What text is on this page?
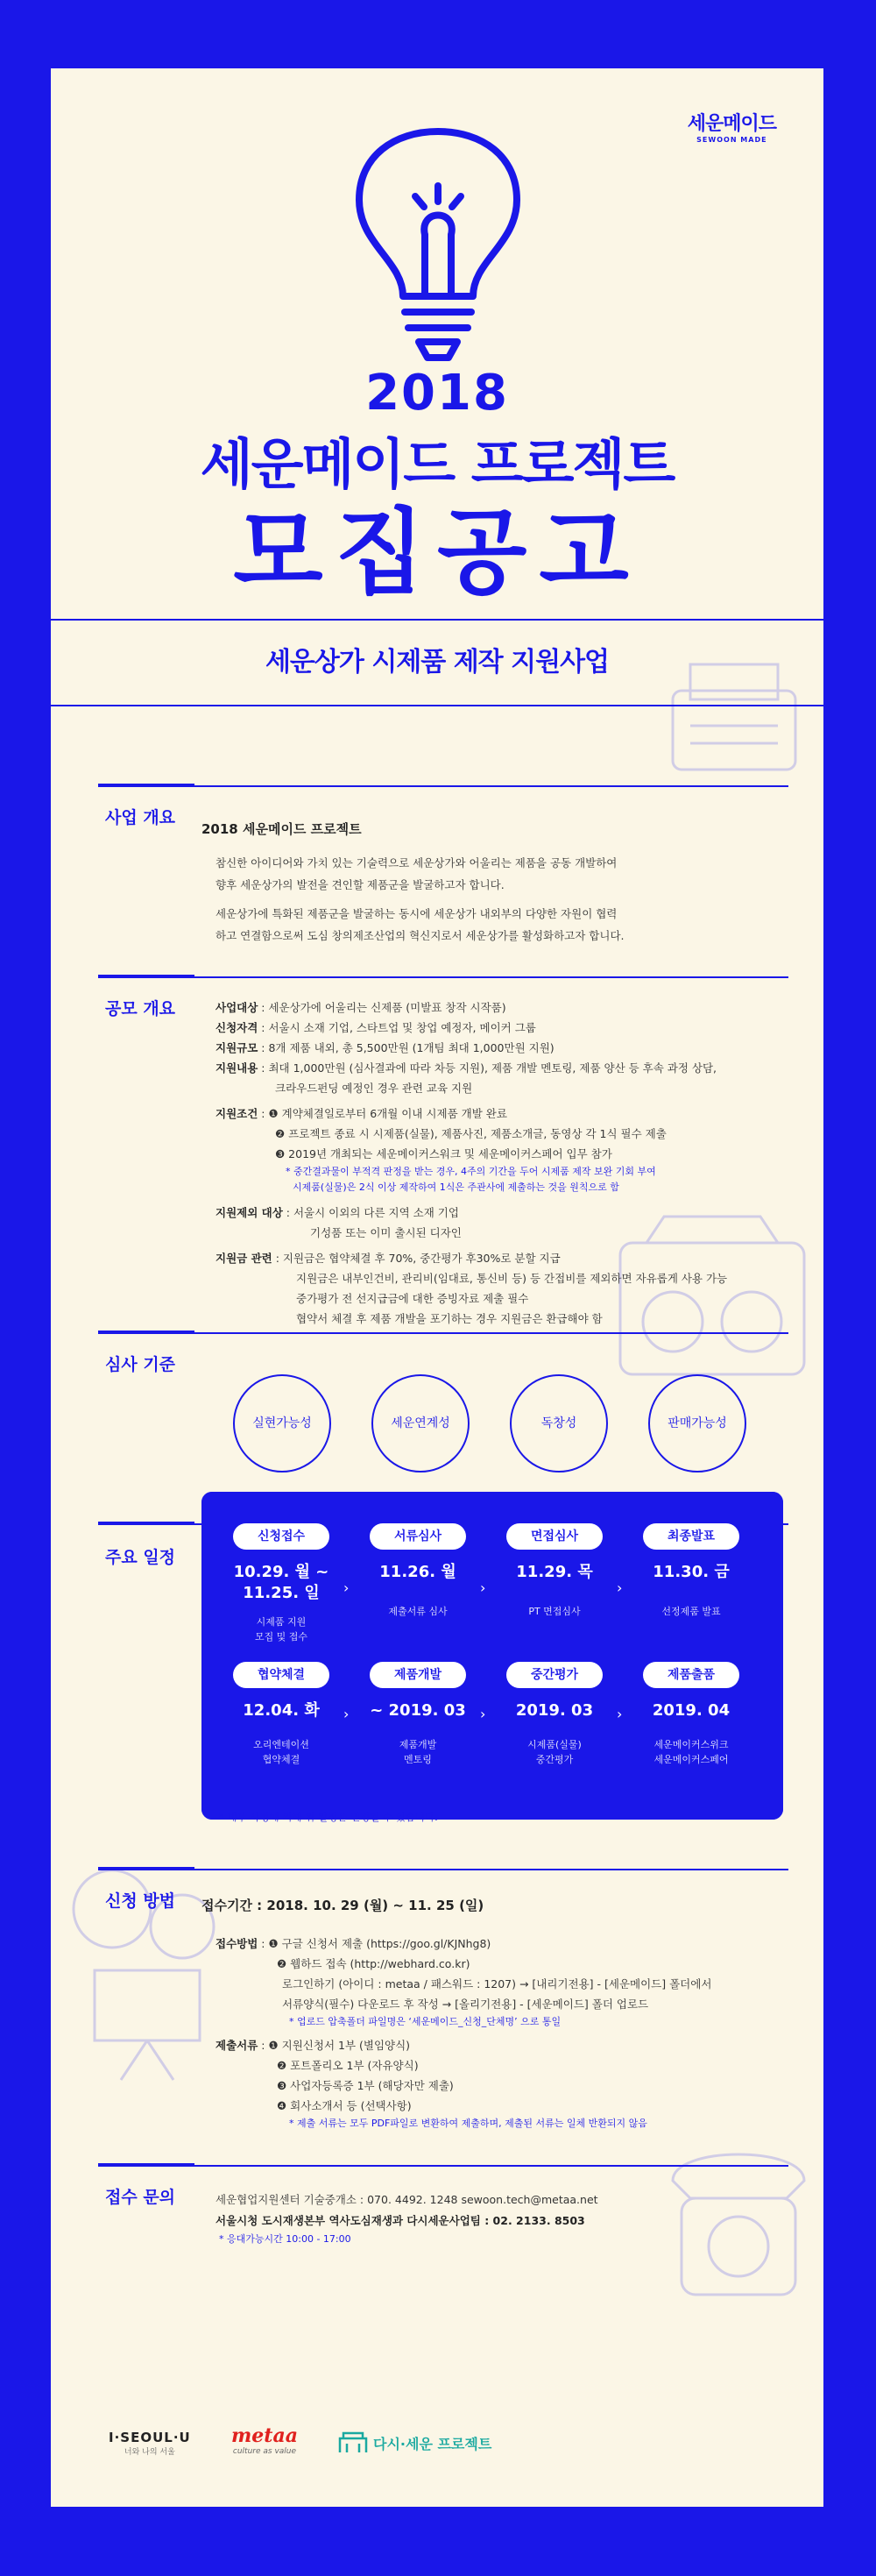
세운메이드
SEWOON MADE
2018
세운메이드 프로젝트
모집공고
세운상가 시제품 제작 지원사업
사업 개요
2018 세운메이드 프로젝트
참신한 아이디어와 가치 있는 기술력으로 세운상가와 어울리는 제품을 공동 개발하여
향후 세운상가의 발전을 견인할 제품군을 발굴하고자 합니다.
세운상가에 특화된 제품군을 발굴하는 동시에 세운상가 내외부의 다양한 자원이 협력
하고 연결함으로써 도심 창의제조산업의 혁신지로서 세운상가를 활성화하고자 합니다.
공모 개요	사업대상 : 세운상가에 어울리는 신제품 (미발표 창작 시작품)
신청자격 : 서울시 소재 기업, 스타트업 및 창업 예정자, 메이커 그룹
지원규모 : 8개 제품 내외, 총 5,500만원 (1개팀 최대 1,000만원 지원)
지원내용 : 최대 1,000만원 (심사결과에 따라 차등 지원), 제품 개발 멘토링, 제품 양산 등 후속 과정 상담,
크라우드펀딩 예정인 경우 관련 교육 지원
지원조건 : ❶ 계약체결일로부터 6개월 이내 시제품 개발 완료
❷ 프로젝트 종료 시 시제품(실물), 제품사진, 제품소개글, 동영상 각 1식 필수 제출
❸ 2019년 개최되는 세운메이커스워크 및 세운메이커스페어 입무 참가
* 중간결과물이 부적격 판정을 받는 경우, 4주의 기간을 두어 시제품 제작 보완 기회 부여
시제품(실물)은 2식 이상 제작하여 1식은 주관사에 제출하는 것을 원칙으로 함
지원제외 대상 : 서울시 이외의 다른 지역 소재 기업
기성품 또는 이미 출시된 디자인
지원금 관련 : 지원금은 협약체결 후 70%, 중간평가 후30%로 분할 지급
지원금은 내부인건비, 관리비(임대료, 통신비 등) 등 간접비를 제외하면 자유롭게 사용 가능
중가평가 전 선지급금에 대한 증빙자료 제출 필수
협약서 체결 후 제품 개발을 포기하는 경우 지원금은 환급해야 함
심사 기준
실현가능성	세운연계성	독창성	판매가능성
주요 일정
신청접수
10.29. 월 ~
11.25. 일
시제품 지원
모집 및 접수
›
서류심사
11.26. 월
제출서류 심사
›
면접심사
11.29. 목
PT 면접심사
›
최종발표
11.30. 금
선정제품 발표
협약체결
12.04. 화
오리엔테이션
협약체결
›
제품개발
~ 2019. 03
제품개발
멘토링
›
중간평가
2019. 03
시제품(실물)
중간평가
›
제품출품
2019. 04
세운메이커스위크
세운메이커스페어
* 내부 사정에 의해 위 일정은 변경될 수 있습니다.
신청 방법 접수기간 : 2018. 10. 29 (월) ~ 11. 25 (일)
접수방법 : ❶ 구글 신청서 제출 (https://goo.gl/KJNhg8)
❷ 웹하드 접속 (http://webhard.co.kr)
로그인하기 (아이디 : metaa / 패스워드 : 1207) → [내리기전용] - [세운메이드] 폴더에서
서류양식(필수) 다운로드 후 작성 → [올리기전용] - [세운메이드] 폴더 업로드
* 업로드 압축폴더 파일명은 ‘세운메이드_신청_단체명’ 으로 통일
제출서류 : ❶ 지원신청서 1부 (별임양식)
❷ 포트폴리오 1부 (자유양식)
❸ 사업자등록증 1부 (해당자만 제출)
❹ 회사소개서 등 (선택사항)
* 제출 서류는 모두 PDF파일로 변환하여 제출하며, 제출된 서류는 일체 반환되지 않음
접수 문의	세운협업지원센터 기술중개소 : 070. 4492. 1248 sewoon.tech@metaa.net
서울시청 도시재생본부 역사도심재생과 다시세운사업팀 : 02. 2133. 8503
* 응대가능시간 10:00 - 17:00
I·SEOUL·U
너와 나의 서울
metaa
culture as value	다시·세운 프로젝트
